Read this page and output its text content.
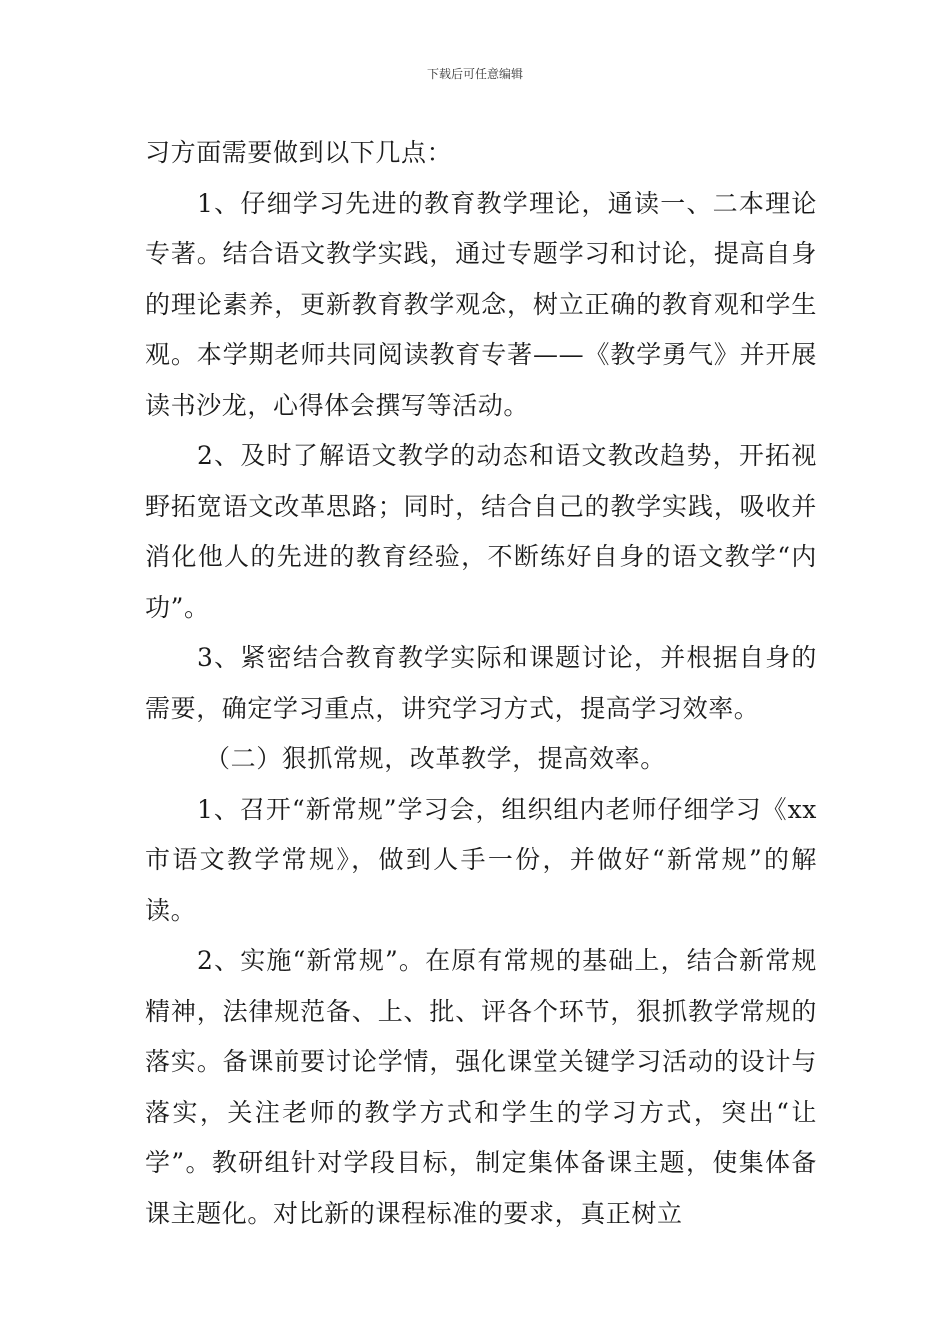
下载后可任意编辑

习方面需要做到以下几点：

1、仔细学习先进的教育教学理论，通读一、二本理论专著。结合语文教学实践，通过专题学习和讨论，提高自身的理论素养，更新教育教学观念，树立正确的教育观和学生观。本学期老师共同阅读教育专著——《教学勇气》并开展读书沙龙，心得体会撰写等活动。

2、及时了解语文教学的动态和语文教改趋势，开拓视野拓宽语文改革思路；同时，结合自己的教学实践，吸收并消化他人的先进的教育经验，不断练好自身的语文教学“内功”。

3、紧密结合教育教学实际和课题讨论，并根据自身的需要，确定学习重点，讲究学习方式，提高学习效率。

（二）狠抓常规，改革教学，提高效率。

1、召开“新常规”学习会，组织组内老师仔细学习《xx市语文教学常规》，做到人手一份，并做好“新常规”的解读。

2、实施“新常规”。在原有常规的基础上，结合新常规精神，法律规范备、上、批、评各个环节，狠抓教学常规的落实。备课前要讨论学情，强化课堂关键学习活动的设计与落实，关注老师的教学方式和学生的学习方式，突出“让学”。教研组针对学段目标，制定集体备课主题，使集体备课主题化。对比新的课程标准的要求，真正树立
